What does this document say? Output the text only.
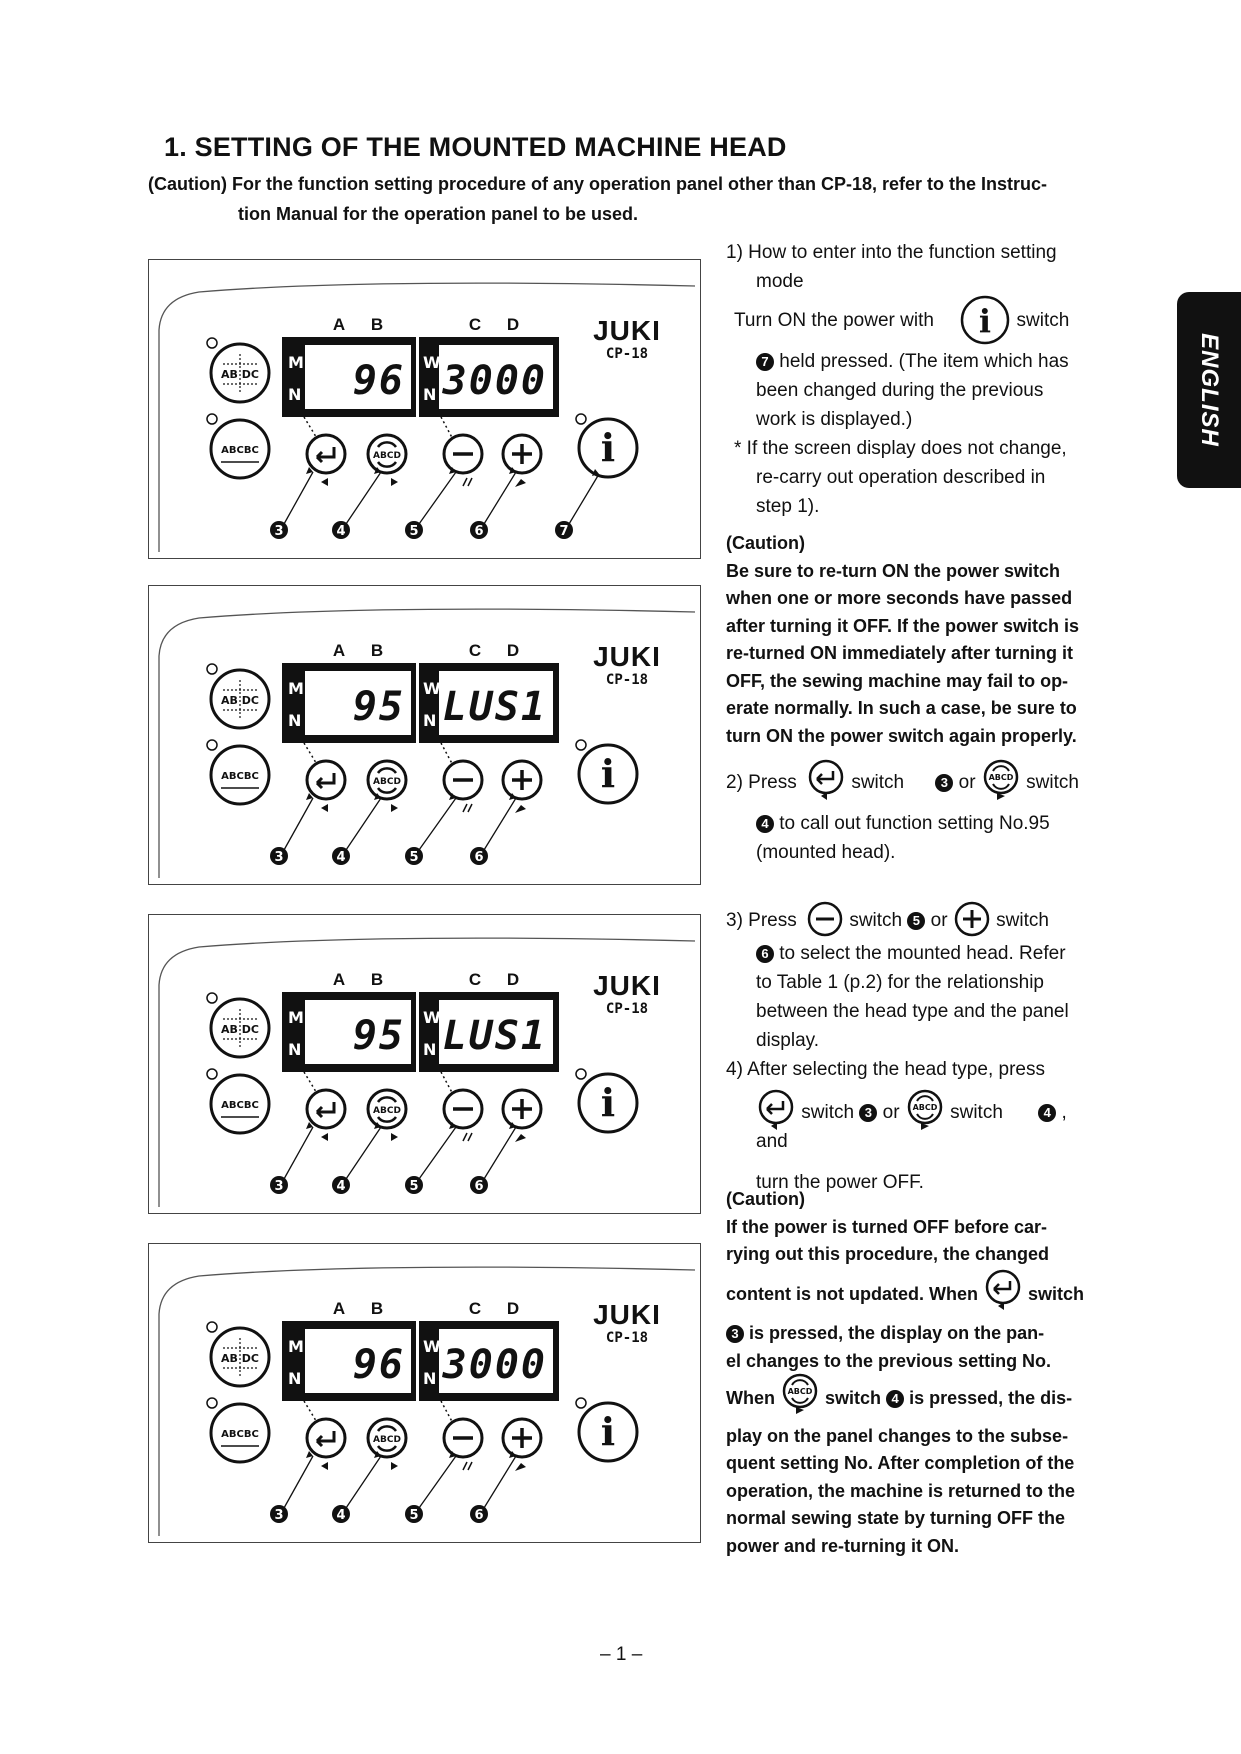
1. SETTING OF THE MOUNTED MACHINE HEAD
(Caution) For the function setting procedure of any operation panel other than CP-18, refer to the Instruc-
tion Manual for the operation panel to be used.
ENGLISH
A B	C D
M
N 96 W
N 3000
JUKI
CP-18
AB DC
ABCBC	ABCD	i
3	4	5	6	7
A B	C D
M
N 95 W
N LUS1
JUKI
CP-18
AB DC
ABCBC	ABCD	i
3	4	5	6
A B	C D
M
N 95 W
N LUS1
JUKI
CP-18
AB DC
ABCBC	ABCD	i
3	4	5	6
A B	C D
M
N 96 W
N 3000
JUKI
CP-18
AB DC
ABCBC	ABCD	i
3	4	5	6

1) How to enter into the function setting

mode

Turn ON the power with i switch

7 held pressed. (The item which has

been changed during the previous

work is displayed.)

* If the screen display does not change,

re-carry out operation described in

step 1).

(Caution)

Be sure to re-turn ON the power switch

when one or more seconds have passed

after turning it OFF. If the power switch is

re-turned ON immediately after turning it

OFF, the sewing machine may fail to op-

erate normally. In such a case, be sure to

turn ON the power switch again properly.

2) Press	switch	3 or ABCD switch

4 to call out function setting No.95

(mounted head).

3) Press	switch 5 or	switch

6 to select the mounted head. Refer

to Table 1 (p.2) for the relationship

between the head type and the panel

display.

4) After selecting the head type, press

switch 3 or ABCD switch	4 , and

turn the power OFF.

(Caution)

If the power is turned OFF before car-

rying out this procedure, the changed

content is not updated. When	switch

3 is pressed, the display on the pan-

el changes to the previous setting No.

When ABCD switch 4 is pressed, the dis-

play on the panel changes to the subse-

quent setting No. After completion of the

operation, the machine is returned to the

normal sewing state by turning OFF the

power and re-turning it ON.

– 1 –
